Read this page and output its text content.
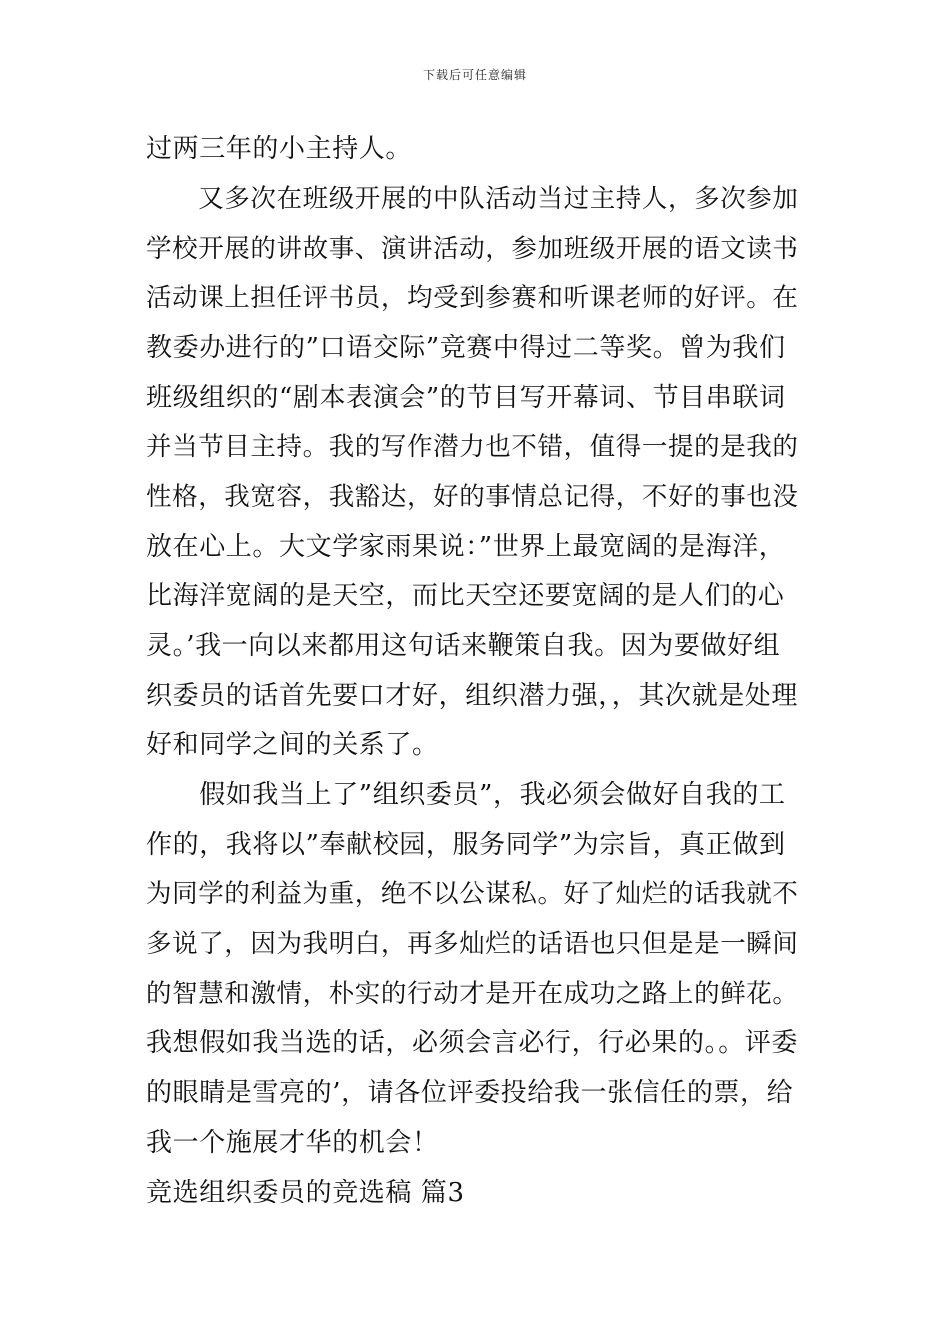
下载后可任意编辑
过两三年的小主持人。
　　又多次在班级开展的中队活动当过主持人，多次参加
学校开展的讲故事、演讲活动，参加班级开展的语文读书
活动课上担任评书员，均受到参赛和听课老师的好评。在
教委办进行的”口语交际”竞赛中得过二等奖。曾为我们
班级组织的“剧本表演会”的节目写开幕词、节目串联词
并当节目主持。我的写作潜力也不错，值得一提的是我的
性格，我宽容，我豁达，好的事情总记得，不好的事也没
放在心上。大文学家雨果说：”世界上最宽阔的是海洋，
比海洋宽阔的是天空，而比天空还要宽阔的是人们的心
灵。’我一向以来都用这句话来鞭策自我。因为要做好组
织委员的话首先要口才好，组织潜力强，，其次就是处理
好和同学之间的关系了。
　　假如我当上了”组织委员”，我必须会做好自我的工
作的，我将以”奉献校园，服务同学”为宗旨，真正做到
为同学的利益为重，绝不以公谋私。好了灿烂的话我就不
多说了，因为我明白，再多灿烂的话语也只但是是一瞬间
的智慧和激情，朴实的行动才是开在成功之路上的鲜花。
我想假如我当选的话，必须会言必行，行必果的。。评委
的眼睛是雪亮的’，请各位评委投给我一张信任的票，给
我一个施展才华的机会！
竞选组织委员的竞选稿 篇3
